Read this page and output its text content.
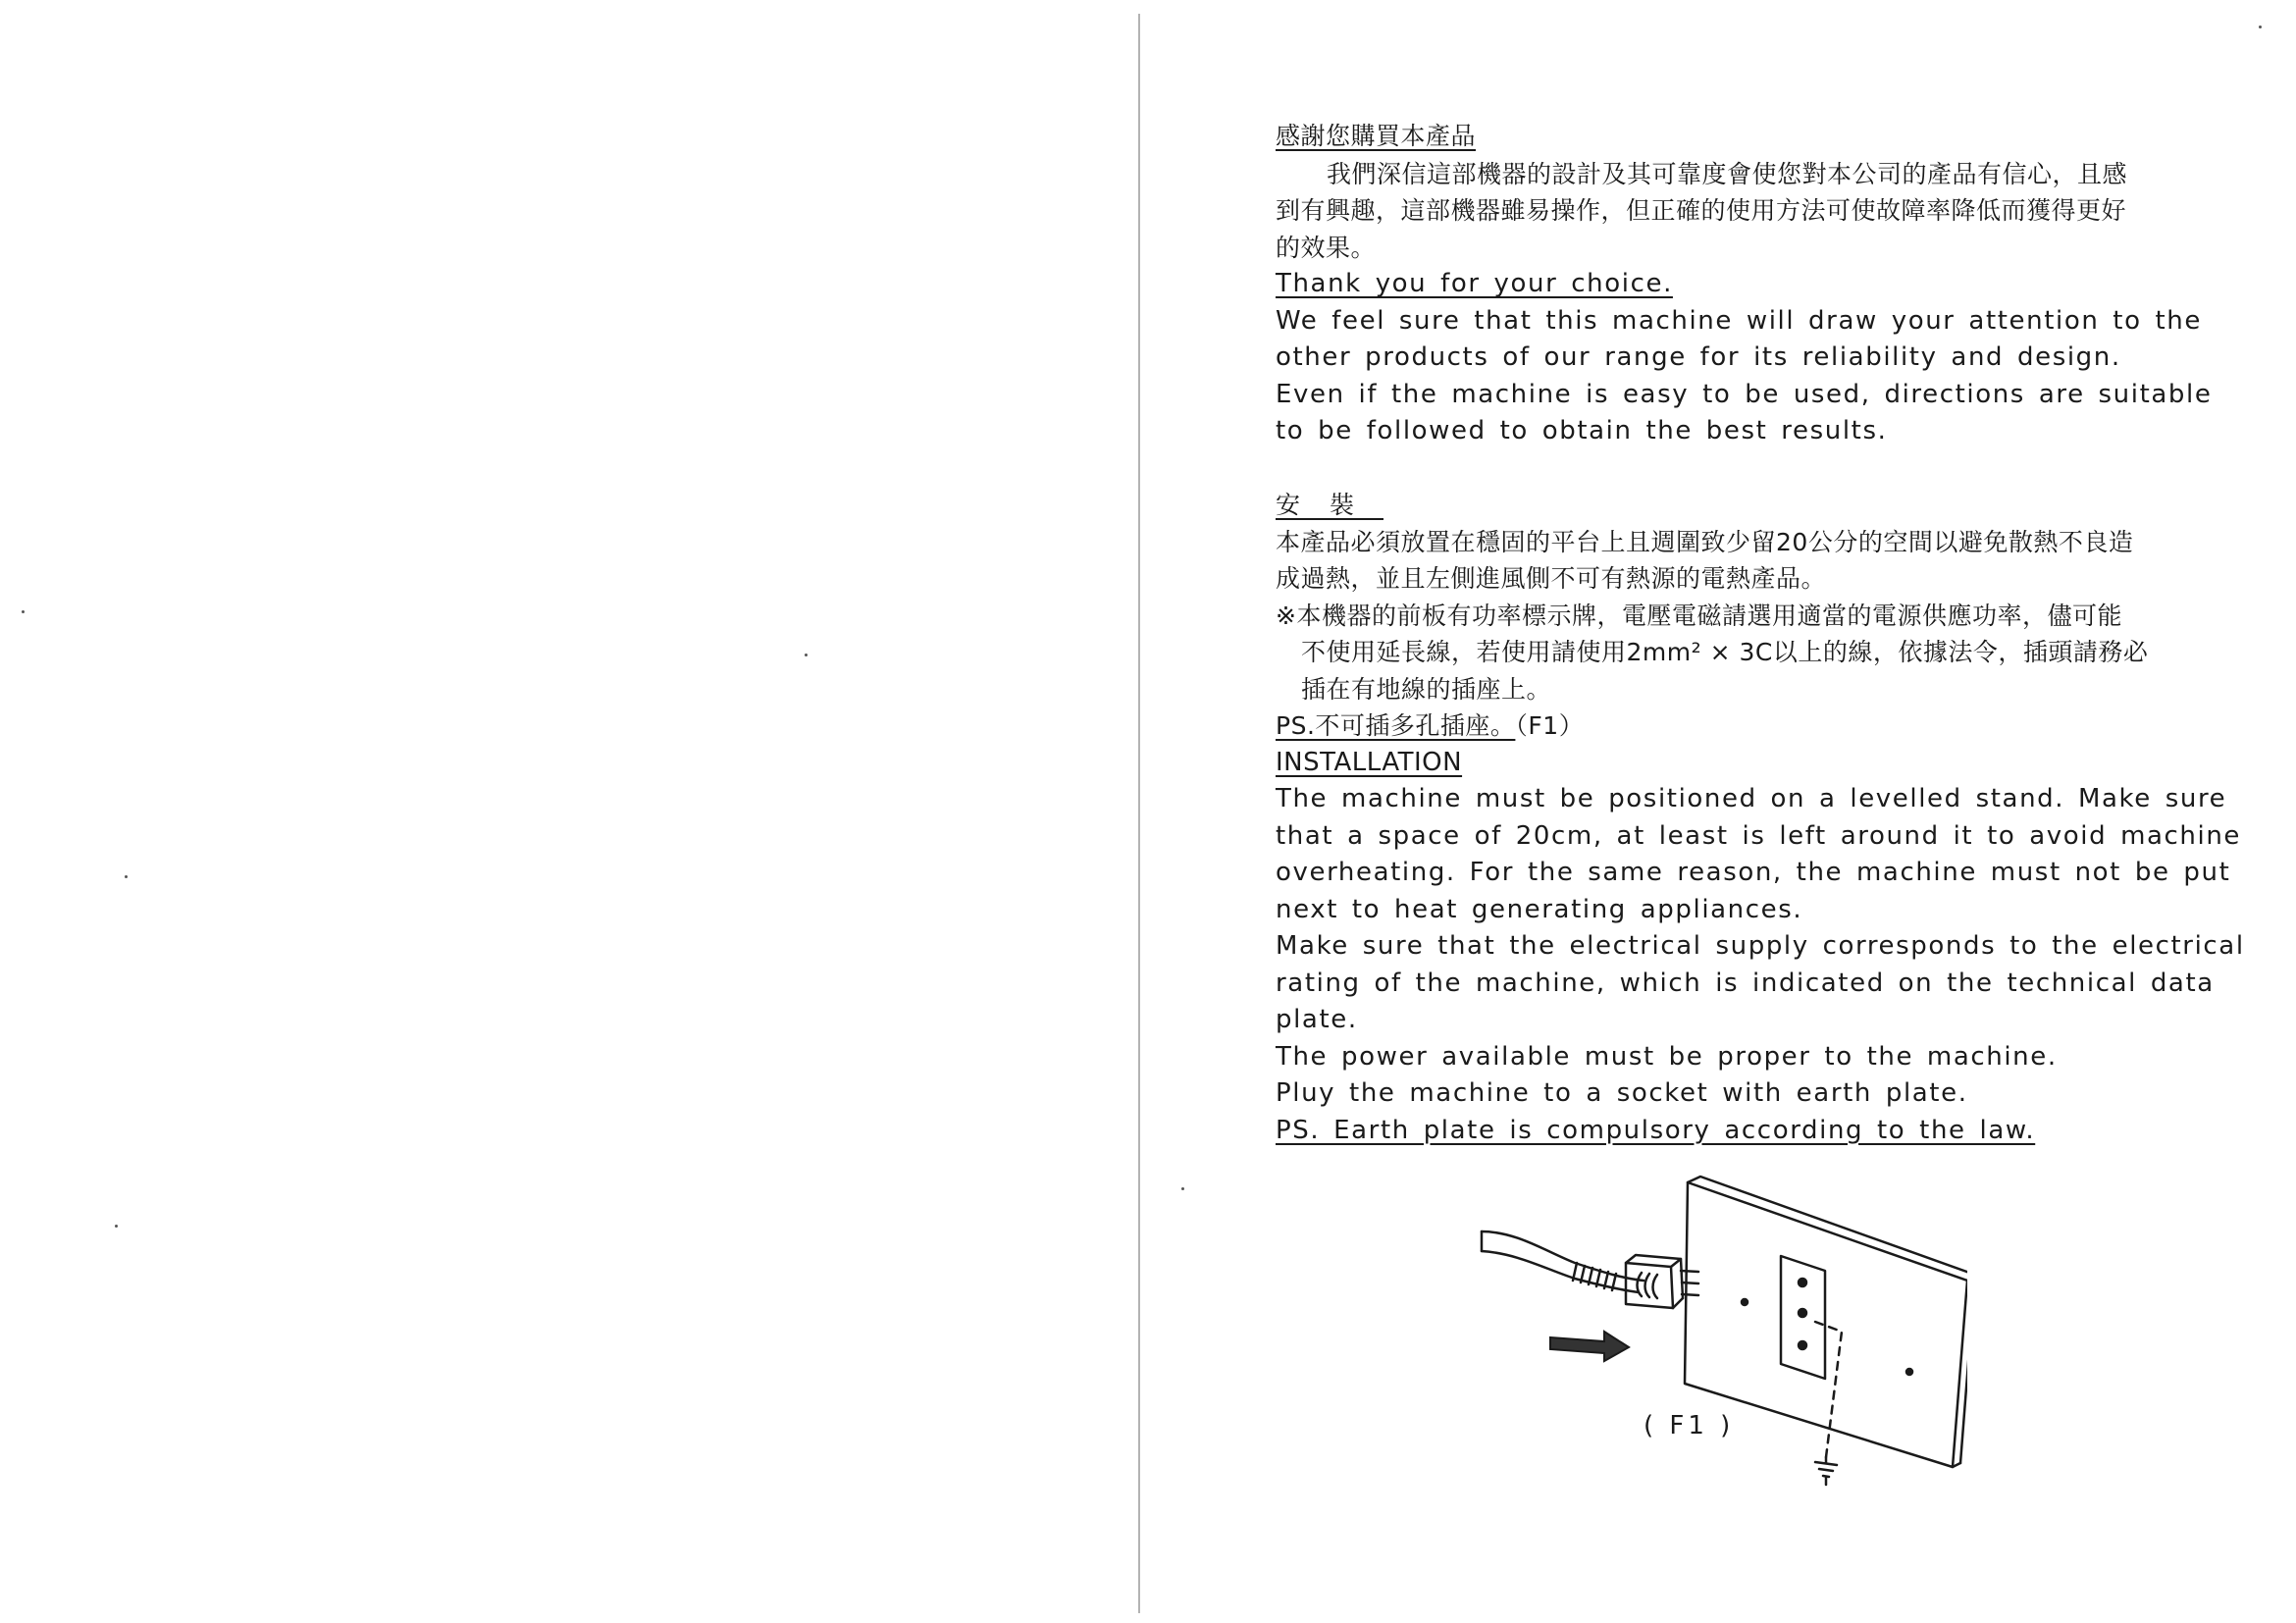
感謝您購買本產品
我們深信這部機器的設計及其可靠度會使您對本公司的產品有信心，且感
到有興趣，這部機器雖易操作，但正確的使用方法可使故障率降低而獲得更好
的效果。
Thank you for your choice.
We feel sure that this machine will draw your attention to the
other products of our range for its reliability and design.
Even if the machine is easy to be used, directions are suitable
to be followed to obtain the best results.
安裝
本產品必須放置在穩固的平台上且週圍致少留20公分的空間以避免散熱不良造
成過熱，並且左側進風側不可有熱源的電熱產品。
※本機器的前板有功率標示牌，電壓電磁請選用適當的電源供應功率，儘可能
不使用延長線，若使用請使用2mm² × 3C以上的線，依據法令，插頭請務必
插在有地線的插座上。
PS.不可插多孔插座。（F1）
INSTALLATION
The machine must be positioned on a levelled stand. Make sure
that a space of 20cm, at least is left around it to avoid machine
overheating. For the same reason, the machine must not be put
next to heat generating appliances.
Make sure that the electrical supply corresponds to the electrical
rating of the machine, which is indicated on the technical data
plate.
The power available must be proper to the machine.
Pluy the machine to a socket with earth plate.
PS. Earth plate is compulsory according to the law.
( F1 )
